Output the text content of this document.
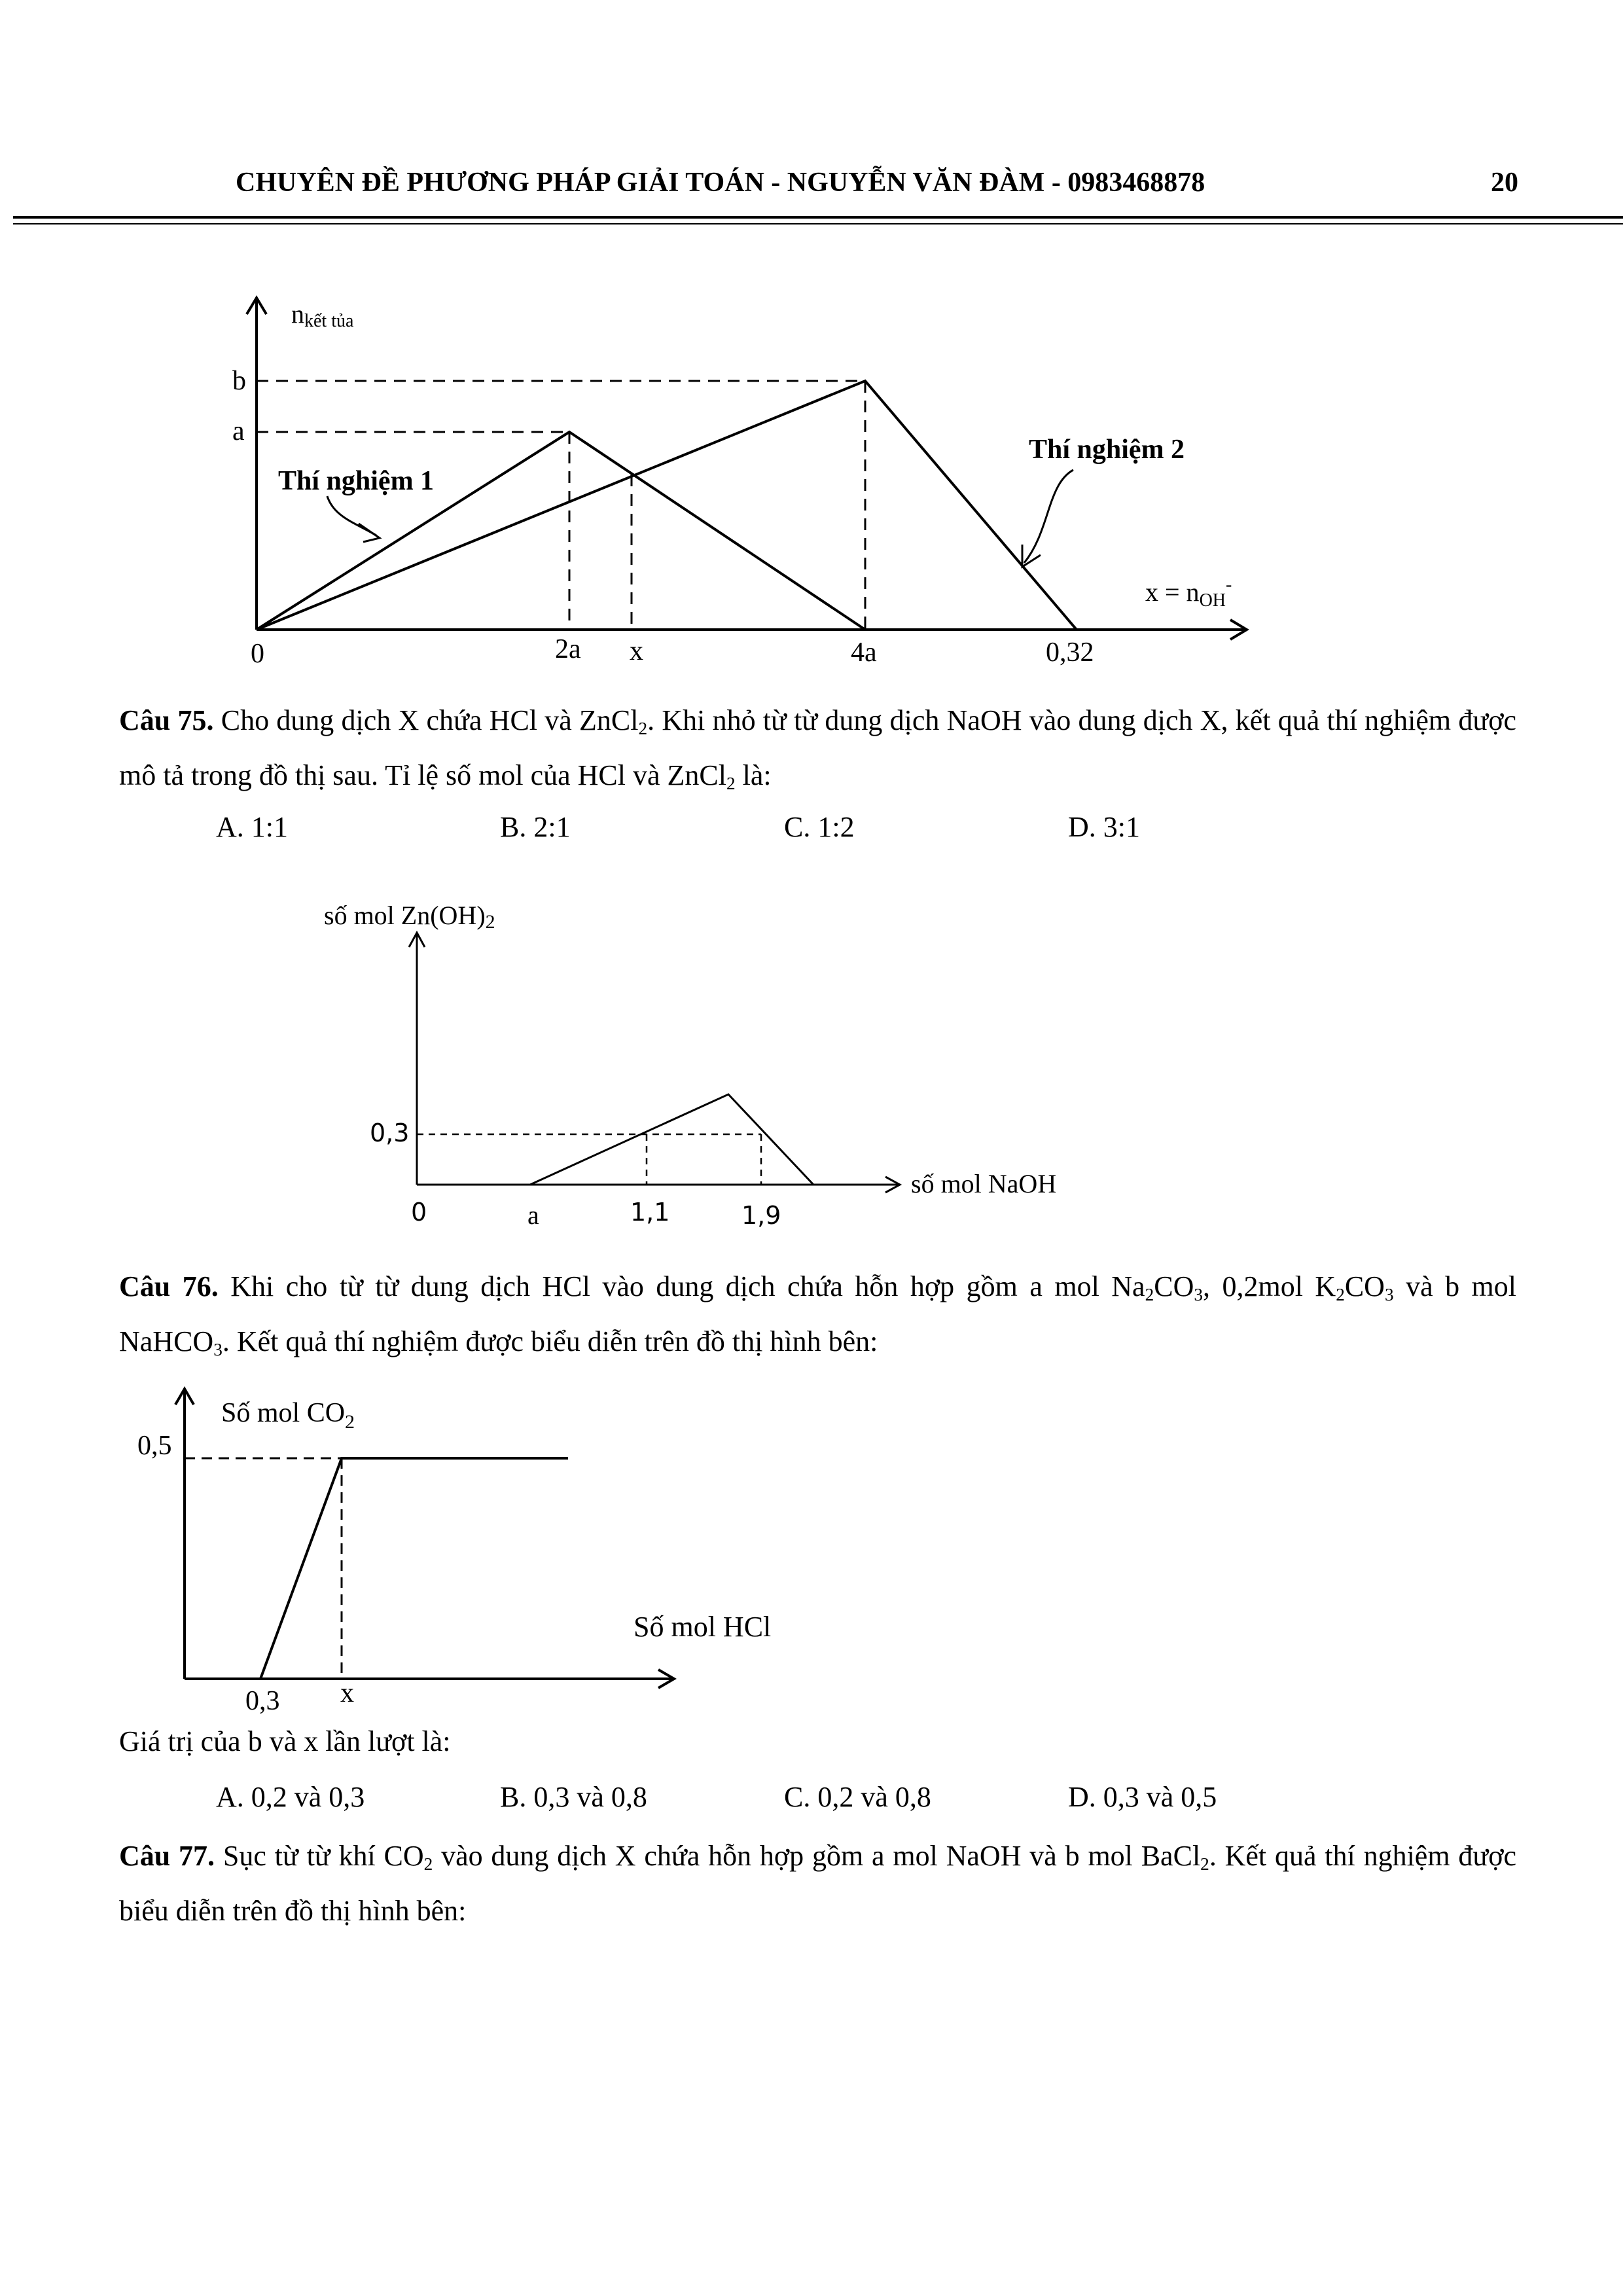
CHUYÊN ĐỀ PHƯƠNG PHÁP GIẢI TOÁN - NGUYỄN VĂN ĐÀM - 0983468878	20
nkết tủa
b
a
0	2a x	4a	0,32
$x = n_{OH}^-$
Thí nghiệm 1
Thí nghiệm 2
Câu 75. Cho dung dịch X chứa HCl và ZnCl$_2$. Khi nhỏ từ từ dung dịch NaOH vào dung dịch X, kết quả thí nghiệm được mô tả trong đồ thị sau. Tỉ lệ số mol của HCl và ZnCl$_2$ là:
A. 1:1	B. 2:1	C. 1:2	D. 3:1
số mol Zn(OH)2
0,3
0	a	1,1	1,9
số mol NaOH
Câu 76. Khi cho từ từ dung dịch HCl vào dung dịch chứa hỗn hợp gồm a mol $Na_2CO_3$, 0,2mol $K_2CO_3$ và b mol NaHCO$_3$. Kết quả thí nghiệm được biểu diễn trên đồ thị hình bên:
Số mol $CO_2$
0,5
Số mol HCl
0,3 x
Giá trị của b và x lần lượt là:
A. 0,2 và 0,3	B. 0,3 và 0,8	C. 0,2 và 0,8	D. 0,3 và 0,5
Câu 77. Sục từ từ khí $CO_2$ vào dung dịch X chứa hỗn hợp gồm a mol NaOH và b mol BaCl$_2$. Kết quả thí nghiệm được biểu diễn trên đồ thị hình bên:
